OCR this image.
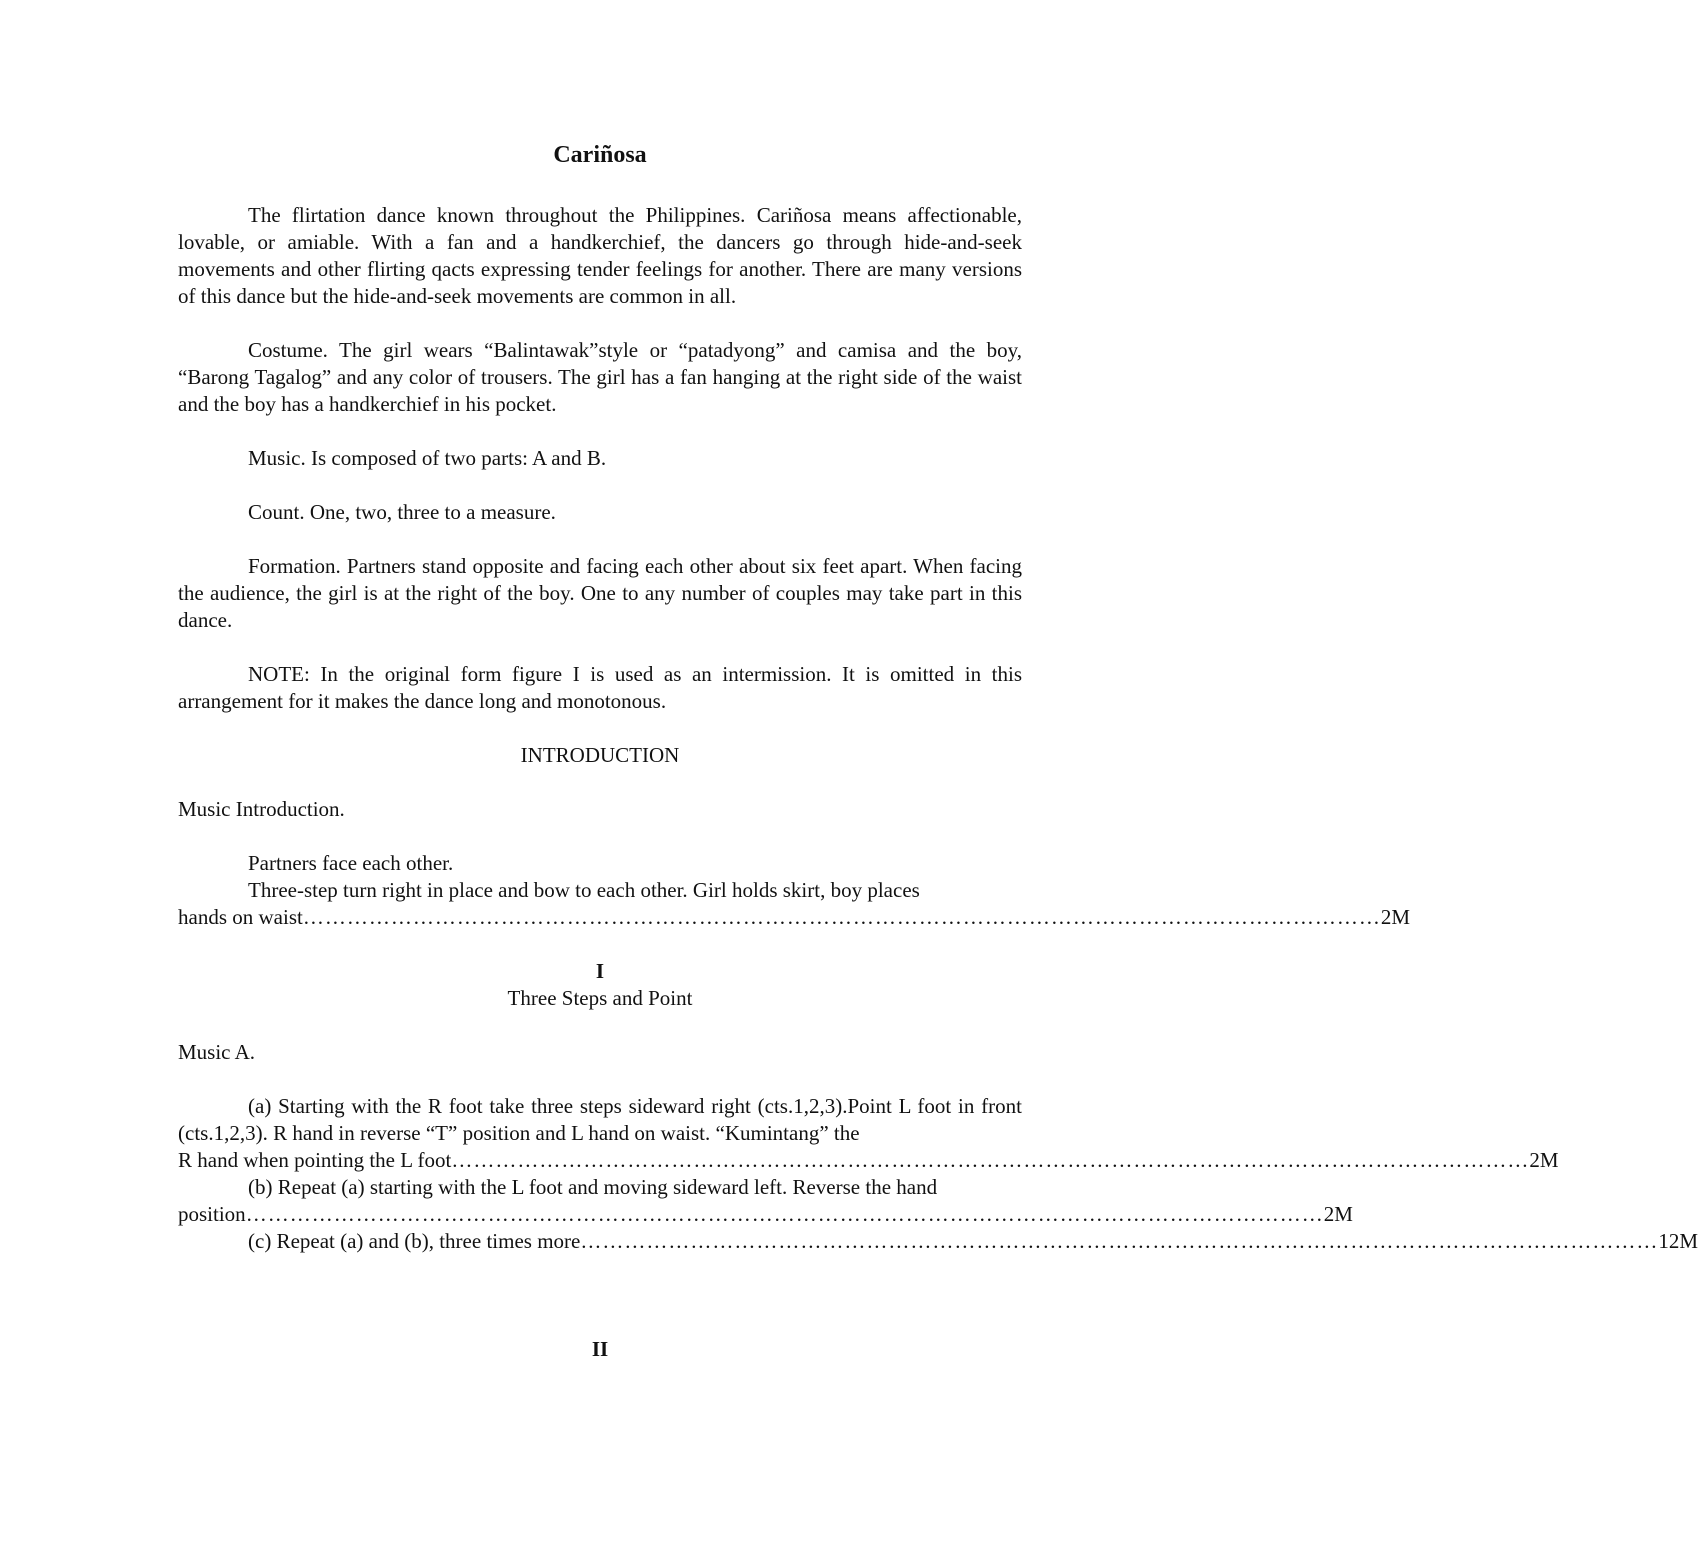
Cariñosa

The flirtation dance known throughout the Philippines. Cariñosa means affectionable, lovable, or amiable. With a fan and a handkerchief, the dancers go through hide-and-seek movements and other flirting qacts expressing tender feelings for another. There are many versions of this dance but the hide-and-seek movements are common in all.

Costume. The girl wears “Balintawak”style or “patadyong” and camisa and the boy, “Barong Tagalog” and any color of trousers. The girl has a fan hanging at the right side of the waist and the boy has a handkerchief in his pocket.

Music. Is composed of two parts: A and B.

Count. One, two, three to a measure.

Formation. Partners stand opposite and facing each other about six feet apart. When facing the audience, the girl is at the right of the boy. One to any number of couples may take part in this dance.

NOTE: In the original form figure I is used as an intermission. It is omitted in this arrangement for it makes the dance long and monotonous.

INTRODUCTION

Music Introduction.

Partners face each other.

Three-step turn right in place and bow to each other. Girl holds skirt, boy places

hands on waist ………………………………………………………………………………………………………………………………… 2M

I

Three Steps and Point

Music A.

(a) Starting with the R foot take three steps sideward right (cts.1,2,3).Point L foot in front (cts.1,2,3). R hand in reverse “T” position and L hand on waist. “Kumintang” the

R hand when pointing the L foot ………………………………………………………………………………………………………………………………… 2M

(b) Repeat (a) starting with the L foot and moving sideward left. Reverse the hand

position ………………………………………………………………………………………………………………………………… 2M
(c) Repeat (a) and (b), three times more ………………………………………………………………………………………………………………………………… 12M

II
